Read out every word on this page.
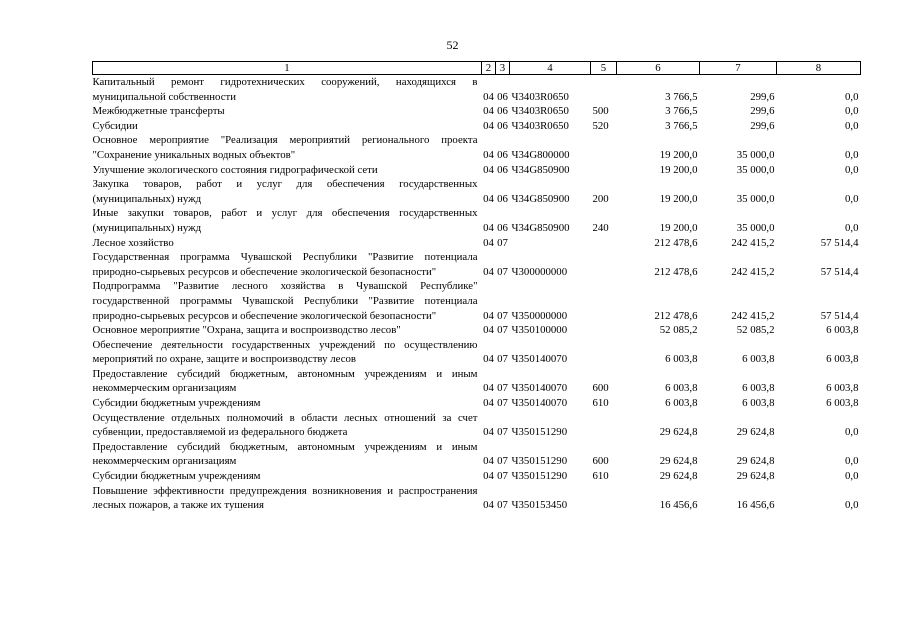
52
1	2	3	4	5	6	7	8
Капитальный ремонт гидротехнических сооружений, находящихся в муниципальной собственности	04	06	Ч3403R0650		3 766,5	299,6	0,0
Межбюджетные трансферты	04	06	Ч3403R0650	500	3 766,5	299,6	0,0
Субсидии	04	06	Ч3403R0650	520	3 766,5	299,6	0,0
Основное мероприятие "Реализация мероприятий регионального проекта "Сохранение уникальных водных объектов"	04	06	Ч34G800000		19 200,0	35 000,0	0,0
Улучшение экологического состояния гидрографической сети	04	06	Ч34G850900		19 200,0	35 000,0	0,0
Закупка товаров, работ и услуг для обеспечения государственных (муниципальных) нужд	04	06	Ч34G850900	200	19 200,0	35 000,0	0,0
Иные закупки товаров, работ и услуг для обеспечения государственных (муниципальных) нужд	04	06	Ч34G850900	240	19 200,0	35 000,0	0,0
Лесное хозяйство	04	07			212 478,6	242 415,2	57 514,4
Государственная программа Чувашской Республики "Развитие потенциала природно-сырьевых ресурсов и обеспечение экологической безопасности"	04	07	Ч300000000		212 478,6	242 415,2	57 514,4
Подпрограмма "Развитие лесного хозяйства в Чувашской Республике" государственной программы Чувашской Республики "Развитие потенциала природно-сырьевых ресурсов и обеспечение экологической безопасности"	04	07	Ч350000000		212 478,6	242 415,2	57 514,4
Основное мероприятие "Охрана, защита и воспроизводство лесов"	04	07	Ч350100000		52 085,2	52 085,2	6 003,8
Обеспечение деятельности государственных учреждений по осуществлению мероприятий по охране, защите и воспроизводству лесов	04	07	Ч350140070		6 003,8	6 003,8	6 003,8
Предоставление субсидий бюджетным, автономным учреждениям и иным некоммерческим организациям	04	07	Ч350140070	600	6 003,8	6 003,8	6 003,8
Субсидии бюджетным учреждениям	04	07	Ч350140070	610	6 003,8	6 003,8	6 003,8
Осуществление отдельных полномочий в области лесных отношений за счет субвенции, предоставляемой из федерального бюджета	04	07	Ч350151290		29 624,8	29 624,8	0,0
Предоставление субсидий бюджетным, автономным учреждениям и иным некоммерческим организациям	04	07	Ч350151290	600	29 624,8	29 624,8	0,0
Субсидии бюджетным учреждениям	04	07	Ч350151290	610	29 624,8	29 624,8	0,0
Повышение эффективности предупреждения возникновения и распространения лесных пожаров, а также их тушения	04	07	Ч350153450		16 456,6	16 456,6	0,0
